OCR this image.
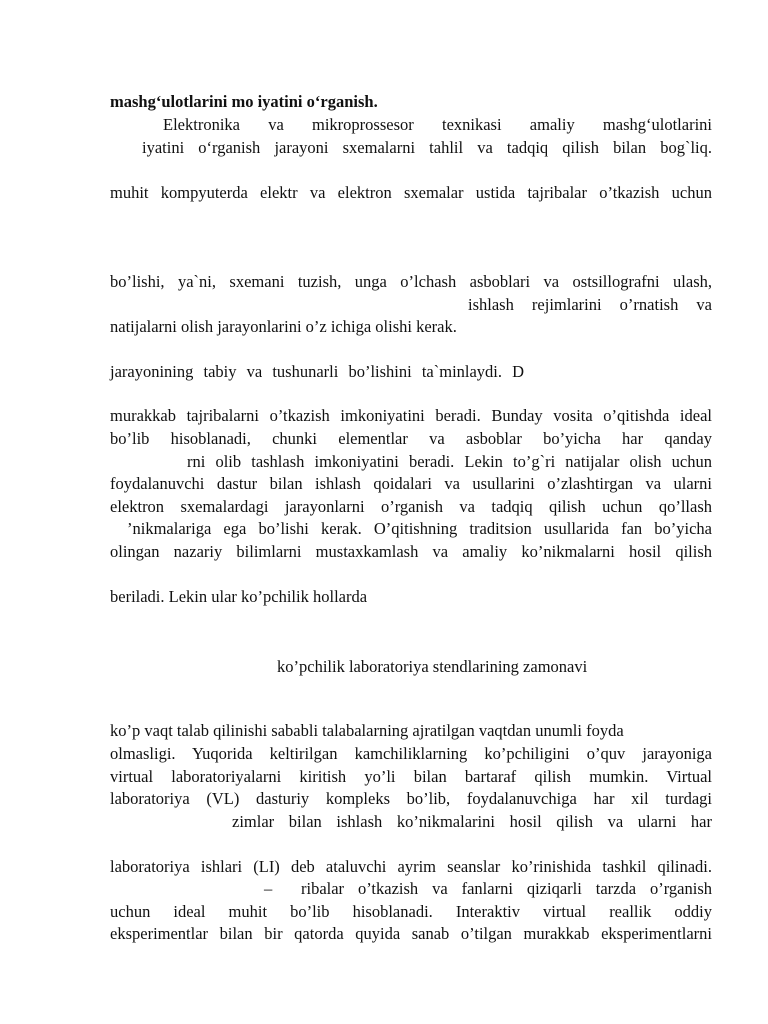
mashg‘ulotlarini mo iyatini o‘rganish.
Elektronika va mikroprossesor texnikasi amaliy mashg‘ulotlarini
iyatini o‘rganish jarayoni sxemalarni tahlil va tadqiq qilish bilan bog`liq.
muhit kompyuterda elektr va elektron sxemalar ustida tajribalar o’tkazish uchun
bo’lishi, ya`ni, sxemani tuzish, unga o’lchash asboblari va ostsillografni ulash,
ishlash rejimlarini o’rnatish va
natijalarni olish jarayonlarini o’z ichiga olishi kerak.
jarayonining tabiy va tushunarli bo’lishini ta`minlaydi. D
murakkab tajribalarni o’tkazish imkoniyatini beradi. Bunday vosita o’qitishda ideal
bo’lib hisoblanadi, chunki elementlar va asboblar bo’yicha har qanday
rni olib tashlash imkoniyatini beradi. Lekin to’g`ri natijalar olish uchun
foydalanuvchi dastur bilan ishlash qoidalari va usullarini o’zlashtirgan va ularni
elektron sxemalardagi jarayonlarni o’rganish va tadqiq qilish uchun qo’llash
’nikmalariga ega bo’lishi kerak. O’qitishning traditsion usullarida fan bo’yicha
olingan nazariy bilimlarni mustaxkamlash va amaliy ko’nikmalarni hosil qilish
beriladi. Lekin ular ko’pchilik hollarda
ko’pchilik laboratoriya stendlarining zamonavi
ko’p vaqt talab qilinishi sababli talabalarning ajratilgan vaqtdan unumli foyda
olmasligi. Yuqorida keltirilgan kamchiliklarning ko’pchiligini o’quv jarayoniga
virtual laboratoriyalarni kiritish yo’li bilan bartaraf qilish mumkin. Virtual
laboratoriya (VL) dasturiy kompleks bo’lib, foydalanuvchiga har xil turdagi
zimlar bilan ishlash ko’nikmalarini hosil qilish va ularni har
laboratoriya ishlari (LI) deb ataluvchi ayrim seanslar ko’rinishida tashkil qilinadi.
–	ribalar o’tkazish va fanlarni qiziqarli tarzda o’rganish
uchun ideal muhit bo’lib hisoblanadi. Interaktiv virtual reallik oddiy
eksperimentlar bilan bir qatorda quyida sanab o’tilgan murakkab eksperimentlarni
